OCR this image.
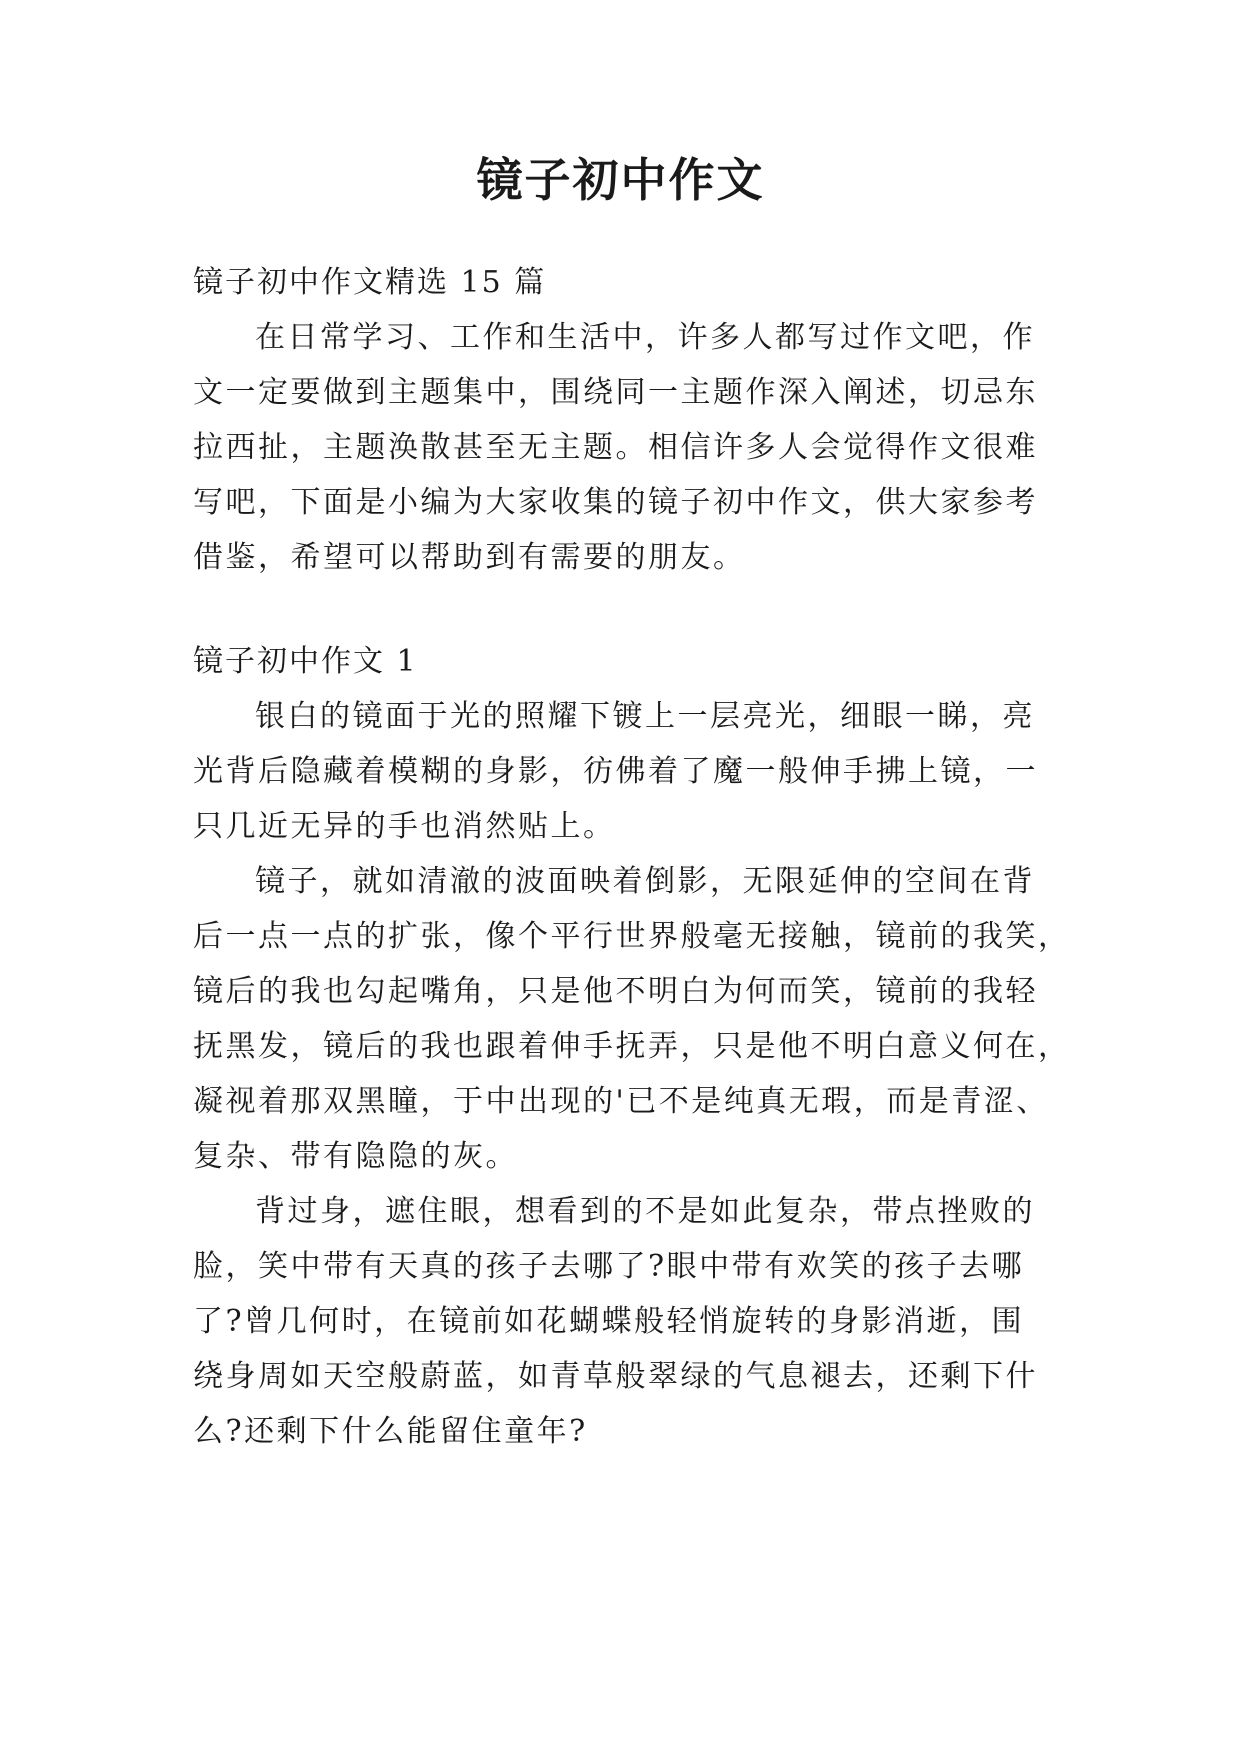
镜子初中作文
镜子初中作文精选 15 篇
在日常学习、工作和生活中，许多人都写过作文吧，作
文一定要做到主题集中，围绕同一主题作深入阐述，切忌东
拉西扯，主题涣散甚至无主题。相信许多人会觉得作文很难
写吧，下面是小编为大家收集的镜子初中作文，供大家参考
借鉴，希望可以帮助到有需要的朋友。
镜子初中作文 1
银白的镜面于光的照耀下镀上一层亮光，细眼一睇，亮
光背后隐藏着模糊的身影，彷佛着了魔一般伸手拂上镜，一
只几近无异的手也消然贴上。
镜子，就如清澈的波面映着倒影，无限延伸的空间在背
后一点一点的扩张，像个平行世界般毫无接触，镜前的我笑，
镜后的我也勾起嘴角，只是他不明白为何而笑，镜前的我轻
抚黑发，镜后的我也跟着伸手抚弄，只是他不明白意义何在，
凝视着那双黑瞳，于中出现的'已不是纯真无瑕，而是青涩、
复杂、带有隐隐的灰。
背过身，遮住眼，想看到的不是如此复杂，带点挫败的
脸，笑中带有天真的孩子去哪了?眼中带有欢笑的孩子去哪
了?曾几何时，在镜前如花蝴蝶般轻悄旋转的身影消逝，围
绕身周如天空般蔚蓝，如青草般翠绿的气息褪去，还剩下什
么?还剩下什么能留住童年?
